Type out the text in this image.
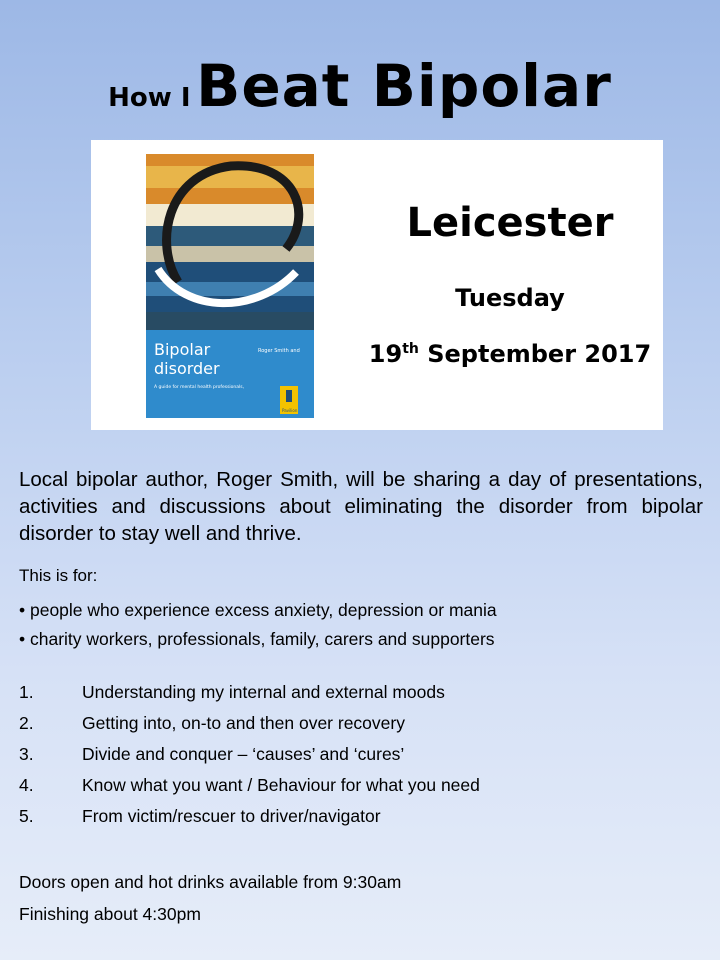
How I Beat Bipolar
Bipolar
disorder
A guide for mental health professionals,
Roger Smith and
Pavilion
Leicester
Tuesday
19th September 2017
Local bipolar author, Roger Smith, will be sharing a day of presentations, activities and discussions about eliminating the disorder from bipolar disorder to stay well and thrive.
This is for:
• people who experience excess anxiety, depression or mania
• charity workers, professionals, family, carers and supporters
1.	Understanding my internal and external moods
2.	Getting into, on-to and then over recovery
3.	Divide and conquer – ‘causes’ and ‘cures’
4.	Know what you want / Behaviour for what you need
5.	From victim/rescuer to driver/navigator
Doors open and hot drinks available from 9:30am
Finishing about 4:30pm
